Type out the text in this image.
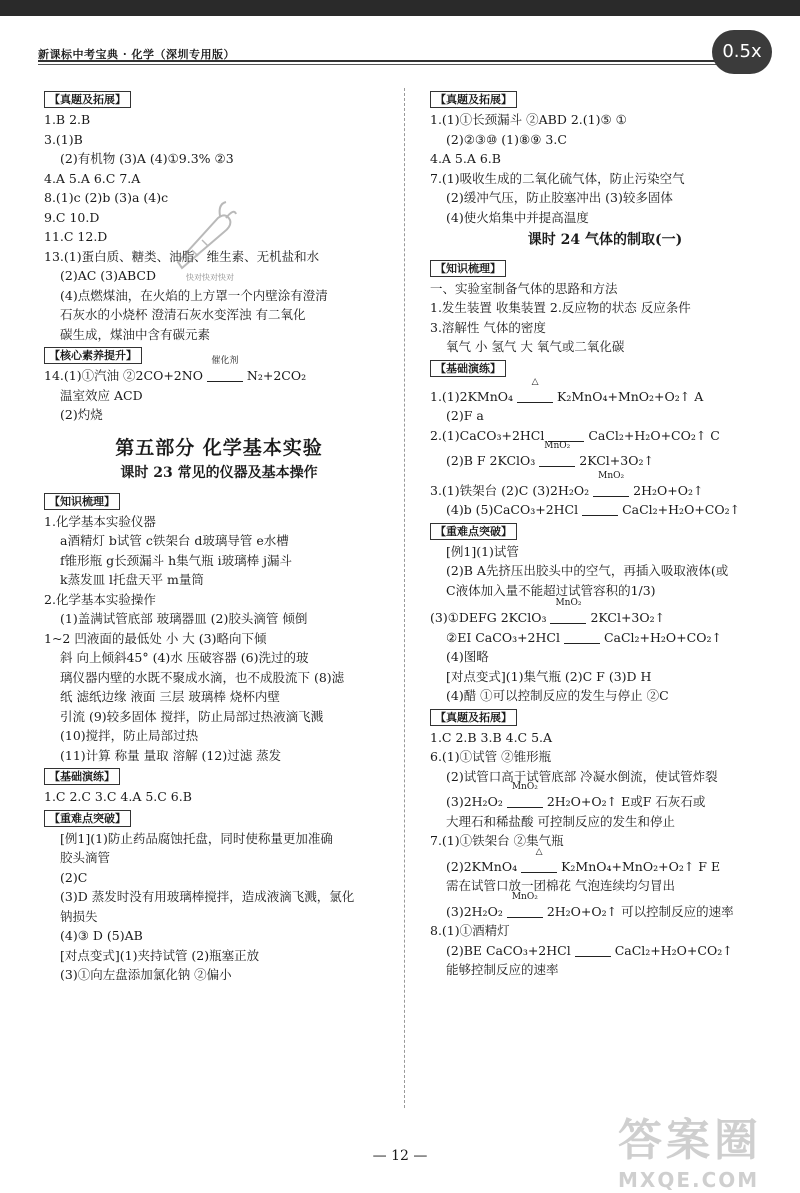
新课标中考宝典 · 化学（深圳专用版）	0.5x
【真题及拓展】
1.B 2.B
3.(1)B
(2)有机物 (3)A (4)①9.3% ②3
4.A 5.A 6.C 7.A
8.(1)c (2)b (3)a (4)c
9.C 10.D
11.C 12.D
13.(1)蛋白质、糖类、油脂、维生素、无机盐和水
(2)AC (3)ABCD
(4)点燃煤油，在火焰的上方罩一个内壁涂有澄清
石灰水的小烧杯 澄清石灰水变浑浊 有二氧化
碳生成，煤油中含有碳元素
【核心素养提升】
14.(1)①汽油 ②2CO+2NO
催化剂
N₂+2CO₂
温室效应 ACD
(2)灼烧
第五部分 化学基本实验
课时 23 常见的仪器及基本操作
【知识梳理】
1.化学基本实验仪器
a酒精灯 b试管 c铁架台 d玻璃导管 e水槽
f锥形瓶 g长颈漏斗 h集气瓶 i玻璃棒 j漏斗
k蒸发皿 l托盘天平 m量筒
2.化学基本实验操作
(1)盖满试管底部 玻璃器皿 (2)胶头滴管 倾倒
1~2 凹液面的最低处 小 大 (3)略向下倾
斜 向上倾斜45° (4)水 压破容器 (6)洗过的玻
璃仪器内壁的水既不聚成水滴，也不成股流下 (8)滤
纸 滤纸边缘 液面 三层 玻璃棒 烧杯内壁
引流 (9)较多固体 搅拌，防止局部过热液滴飞溅
(10)搅拌，防止局部过热
(11)计算 称量 量取 溶解 (12)过滤 蒸发
【基础演练】
1.C 2.C 3.C 4.A 5.C 6.B
【重难点突破】
[例1](1)防止药品腐蚀托盘，同时使称量更加准确
胶头滴管
(2)C
(3)D 蒸发时没有用玻璃棒搅拌，造成液滴飞溅，氯化
钠损失
(4)③ D (5)AB
[对点变式](1)夹持试管 (2)瓶塞正放
(3)①向左盘添加氯化钠 ②偏小
【真题及拓展】
1.(1)①长颈漏斗 ②ABD 2.(1)⑤ ①
(2)②③⑩ (1)⑧⑨ 3.C
4.A 5.A 6.B
7.(1)吸收生成的二氧化硫气体，防止污染空气
(2)缓冲气压，防止胶塞冲出 (3)较多固体
(4)使火焰集中并提高温度
课时 24 气体的制取(一)
【知识梳理】
一、实验室制备气体的思路和方法
1.发生装置 收集装置 2.反应物的状态 反应条件
3.溶解性 气体的密度
氧气 小 氢气 大 氧气或二氧化碳
【基础演练】
1.(1)2KMnO₄
△
K₂MnO₄+MnO₂+O₂↑ A
(2)F a
2.(1)CaCO₃+2HCl	CaCl₂+H₂O+CO₂↑ C
(2)B F 2KClO₃
MnO₂
2KCl+3O₂↑
3.(1)铁架台 (2)C (3)2H₂O₂
MnO₂
2H₂O+O₂↑
(4)b (5)CaCO₃+2HCl	CaCl₂+H₂O+CO₂↑
【重难点突破】
[例1](1)试管
(2)B A先挤压出胶头中的空气，再插入吸取液体(或
C液体加入量不能超过试管容积的1/3)
(3)①DEFG 2KClO₃
MnO₂
2KCl+3O₂↑
②EI CaCO₃+2HCl	CaCl₂+H₂O+CO₂↑
(4)图略
[对点变式](1)集气瓶 (2)C F (3)D H
(4)醋 ①可以控制反应的发生与停止 ②C
【真题及拓展】
1.C 2.B 3.B 4.C 5.A
6.(1)①试管 ②锥形瓶
(2)试管口高于试管底部 冷凝水倒流，使试管炸裂
(3)2H₂O₂
MnO₂
2H₂O+O₂↑ E或F 石灰石或
大理石和稀盐酸 可控制反应的发生和停止
7.(1)①铁架台 ②集气瓶
(2)2KMnO₄
△
K₂MnO₄+MnO₂+O₂↑ F E
需在试管口放一团棉花 气泡连续均匀冒出
(3)2H₂O₂
MnO₂
2H₂O+O₂↑ 可以控制反应的速率
8.(1)①酒精灯
(2)BE CaCO₃+2HCl	CaCl₂+H₂O+CO₂↑
能够控制反应的速率
快对快对快对
— 12 —	答案圈
MXQE.COM
